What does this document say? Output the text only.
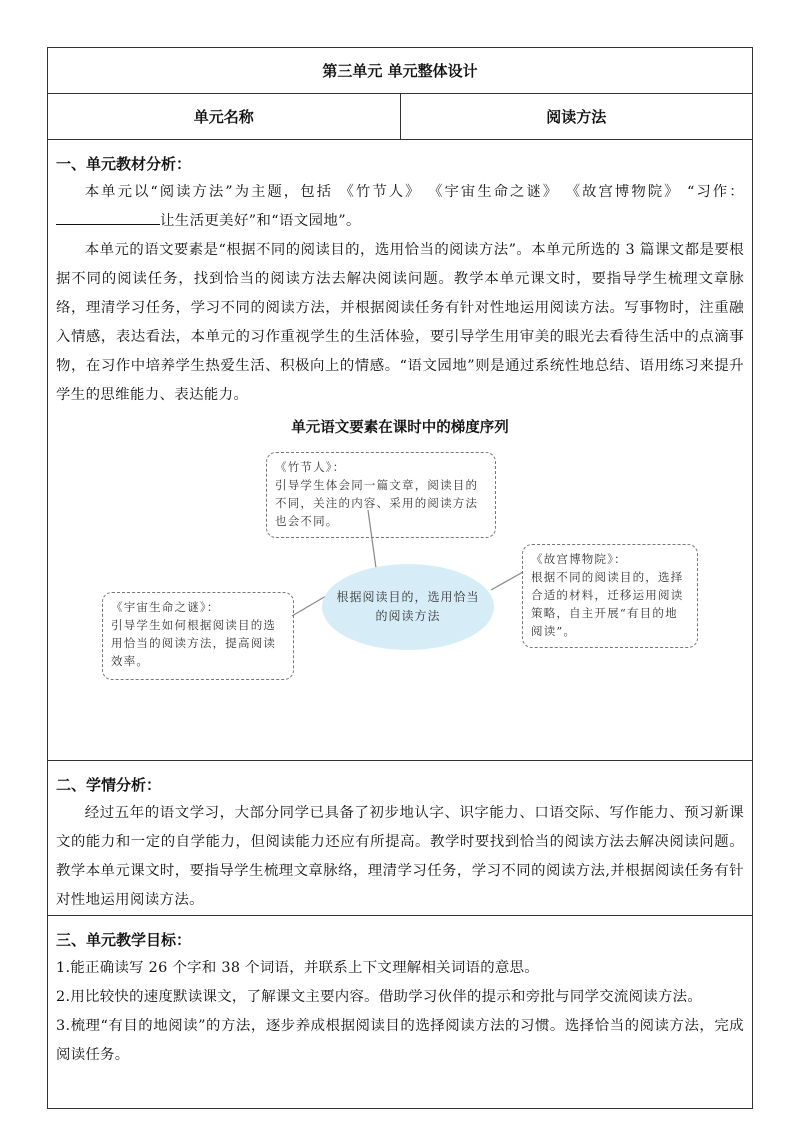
第三单元 单元整体设计
单元名称	阅读方法

一、单元教材分析：

本单元以“阅读方法”为主题，包括 《竹节人》 《宇宙生命之谜》 《故宫博物院》 “习作：让生活更美好”和“语文园地”。

本单元的语文要素是“根据不同的阅读目的，选用恰当的阅读方法”。本单元所选的 3 篇课文都是要根据不同的阅读任务，找到恰当的阅读方法去解决阅读问题。教学本单元课文时，要指导学生梳理文章脉络，理清学习任务，学习不同的阅读方法，并根据阅读任务有针对性地运用阅读方法。写事物时，注重融入情感，表达看法，本单元的习作重视学生的生活体验，要引导学生用审美的眼光去看待生活中的点滴事物，在习作中培养学生热爱生活、积极向上的情感。“语文园地”则是通过系统性地总结、语用练习来提升学生的思维能力、表达能力。

单元语文要素在课时中的梯度序列

《竹节人》：
引导学生体会同一篇文章，阅读目的不同，关注的内容、采用的阅读方法也会不同。
《宇宙生命之谜》：
引导学生如何根据阅读目的选用恰当的阅读方法，提高阅读效率。
《故宫博物院》：
根据不同的阅读目的，选择合适的材料，迁移运用阅读策略，自主开展“有目的地阅读”。
根据阅读目的，选用恰当的阅读方法

二、学情分析：

经过五年的语文学习，大部分同学已具备了初步地认字、识字能力、口语交际、写作能力、预习新课文的能力和一定的自学能力，但阅读能力还应有所提高。教学时要找到恰当的阅读方法去解决阅读问题。教学本单元课文时，要指导学生梳理文章脉络，理清学习任务，学习不同的阅读方法,并根据阅读任务有针对性地运用阅读方法。

三、单元教学目标：

1.能正确读写 26 个字和 38 个词语，并联系上下文理解相关词语的意思。

2.用比较快的速度默读课文，了解课文主要内容。借助学习伙伴的提示和旁批与同学交流阅读方法。

3.梳理“有目的地阅读”的方法，逐步养成根据阅读目的选择阅读方法的习惯。选择恰当的阅读方法，完成阅读任务。
